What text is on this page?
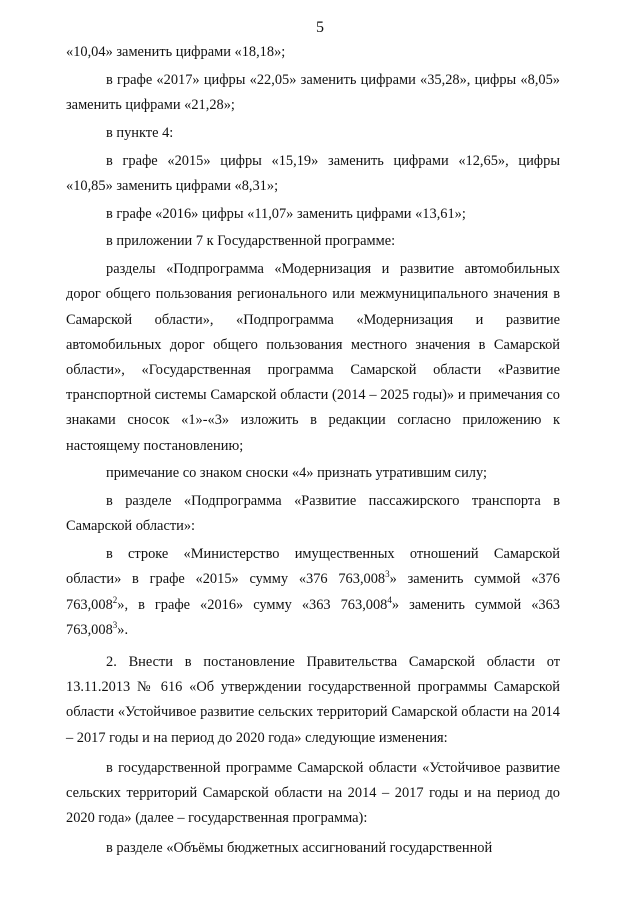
5

«10,04» заменить цифрами «18,18»;

в графе «2017» цифры «22,05» заменить цифрами «35,28», цифры «8,05» заменить цифрами «21,28»;

в пункте 4:

в графе «2015» цифры «15,19» заменить цифрами «12,65», цифры «10,85» заменить цифрами «8,31»;

в графе «2016» цифры «11,07» заменить цифрами «13,61»;

в приложении 7 к Государственной программе:

разделы «Подпрограмма «Модернизация и развитие автомобильных дорог общего пользования регионального или межмуниципального значения в Самарской области», «Подпрограмма «Модернизация и развитие автомобильных дорог общего пользования местного значения в Самарской области», «Государственная программа Самарской области «Развитие транспортной системы Самарской области (2014 – 2025 годы)» и примечания со знаками сносок «1»-«3» изложить в редакции согласно приложению к настоящему постановлению;

примечание со знаком сноски «4» признать утратившим силу;

в разделе «Подпрограмма «Развитие пассажирского транспорта в Самарской области»:

в строке «Министерство имущественных отношений Самарской области» в графе «2015» сумму «376 763,008$^3$» заменить суммой «376 763,008$^2$», в графе «2016» сумму «363 763,008$^4$» заменить суммой «363 763,008$^3$».

2. Внести в постановление Правительства Самарской области от 13.11.2013 № 616 «Об утверждении государственной программы Самарской области «Устойчивое развитие сельских территорий Самарской области на 2014 – 2017 годы и на период до 2020 года» следующие изменения:

в государственной программе Самарской области «Устойчивое развитие сельских территорий Самарской области на 2014 – 2017 годы и на период до 2020 года» (далее – государственная программа):

в разделе «Объёмы бюджетных ассигнований государственной
